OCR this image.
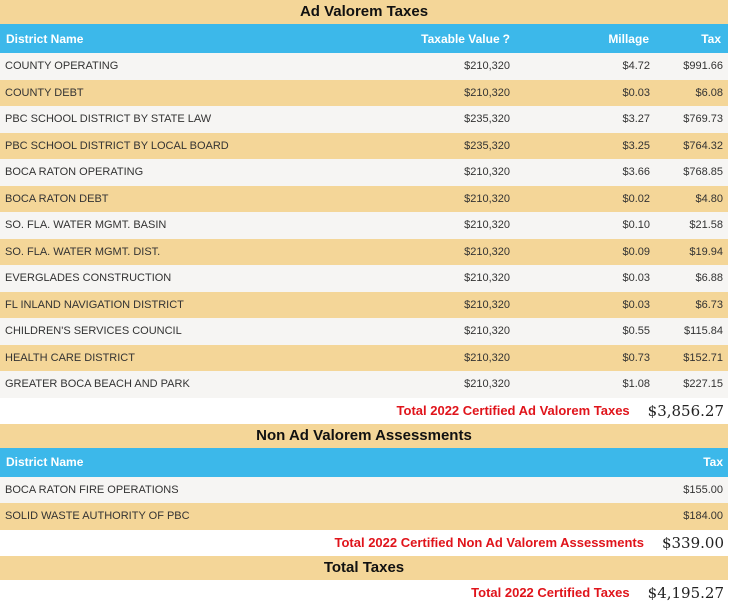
Ad Valorem Taxes
District Name	Taxable Value ?	Millage	Tax
COUNTY OPERATING	$210,320	$4.72	$991.66
COUNTY DEBT	$210,320	$0.03	$6.08
PBC SCHOOL DISTRICT BY STATE LAW	$235,320	$3.27	$769.73
PBC SCHOOL DISTRICT BY LOCAL BOARD	$235,320	$3.25	$764.32
BOCA RATON OPERATING	$210,320	$3.66	$768.85
BOCA RATON DEBT	$210,320	$0.02	$4.80
SO. FLA. WATER MGMT. BASIN	$210,320	$0.10	$21.58
SO. FLA. WATER MGMT. DIST.	$210,320	$0.09	$19.94
EVERGLADES CONSTRUCTION	$210,320	$0.03	$6.88
FL INLAND NAVIGATION DISTRICT	$210,320	$0.03	$6.73
CHILDREN'S SERVICES COUNCIL	$210,320	$0.55	$115.84
HEALTH CARE DISTRICT	$210,320	$0.73	$152.71
GREATER BOCA BEACH AND PARK	$210,320	$1.08	$227.15
Total 2022 Certified Ad Valorem Taxes $3,856.27
Non Ad Valorem Assessments
District Name	Tax
BOCA RATON FIRE OPERATIONS	$155.00
SOLID WASTE AUTHORITY OF PBC	$184.00
Total 2022 Certified Non Ad Valorem Assessments $339.00
Total Taxes
Total 2022 Certified Taxes $4,195.27
